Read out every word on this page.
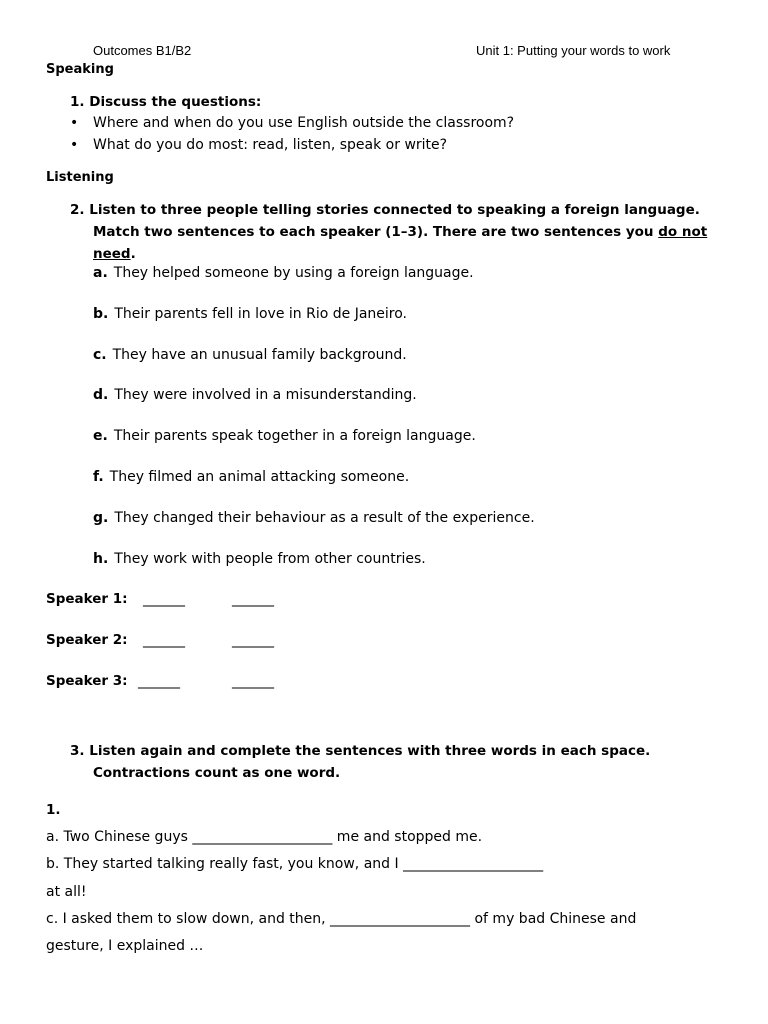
Outcomes B1/B2	Unit 1: Putting your words to work
Speaking
1. Discuss the questions:
• Where and when do you use English outside the classroom?
• What do you do most: read, listen, speak or write?
Listening
2. Listen to three people telling stories connected to speaking a foreign language.
Match two sentences to each speaker (1–3). There are two sentences you do not
need.
a. They helped someone by using a foreign language.
b. Their parents fell in love in Rio de Janeiro.
c. They have an unusual family background.
d. They were involved in a misunderstanding.
e. Their parents speak together in a foreign language.
f. They filmed an animal attacking someone.
g. They changed their behaviour as a result of the experience.
h. They work with people from other countries.
Speaker 1: ______	______
Speaker 2: ______	______
Speaker 3: ______	______
3. Listen again and complete the sentences with three words in each space.
Contractions count as one word.
1.
a. Two Chinese guys ____________________ me and stopped me.
b. They started talking really fast, you know, and I ____________________
at all!
c. I asked them to slow down, and then, ____________________ of my bad Chinese and
gesture, I explained …
